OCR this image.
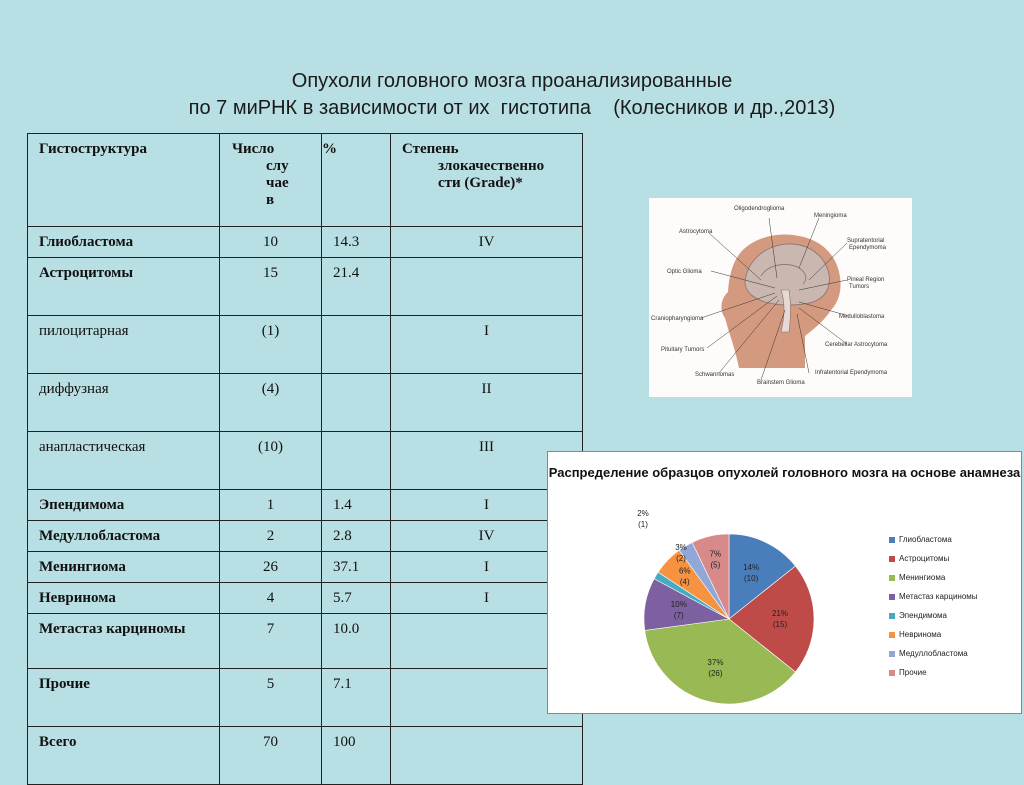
Опухоли головного мозга проанализированные
по 7 миРНК в зависимости от их  гистотипа    (Колесников и др.,2013)
Гистоструктура	Число
слу
чае
в	%	Степень
злокачественно
сти (Grade)*

Глиобластома	10	14.3	IV
Астроцитомы	15	21.4	
пилоцитарная	(1)		I
диффузная	(4)		II
анапластическая	(10)		III
Эпендимома	1	1.4	I
Медуллобластома	2	2.8	IV
Менингиома	26	37.1	I
Невринома	4	5.7	I
Метастаз карциномы	7	10.0	
Прочие	5	7.1	
Всего	70	100	
Oligodendroglioma
Meningioma
Astrocytoma
Supratentorial
Ependymoma
Optic Glioma
Pineal Region
Tumors
Craniopharyngioma	Medulloblastoma
Cerebellar Astrocytoma
Pituitary Tumors
Schwannomas
Brainstem Glioma
Infratentorial Ependymoma
Распределение образцов опухолей головного мозга на основе анамнеза
14%
(10)
21%
(15)
37%
(26)
10%
(7)
2%
(1)
6%
(4)
3%
(2)
7%
(5)
Глиобластома
Астроцитомы
Менингиома
Метастаз карциномы
Эпендимома
Невринома
Медуллобластома
Прочие
